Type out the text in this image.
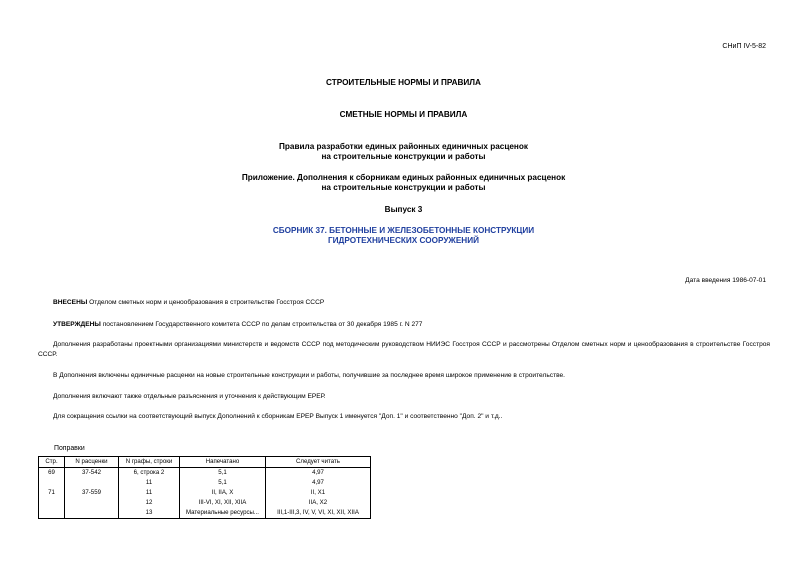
СНиП IV-5-82
СТРОИТЕЛЬНЫЕ НОРМЫ И ПРАВИЛА
СМЕТНЫЕ НОРМЫ И ПРАВИЛА
Правила разработки единых районных единичных расценок
на строительные конструкции и работы
Приложение. Дополнения к сборникам единых районных единичных расценок
на строительные конструкции и работы
Выпуск 3
СБОРНИК 37. БЕТОННЫЕ И ЖЕЛЕЗОБЕТОННЫЕ КОНСТРУКЦИИ
ГИДРОТЕХНИЧЕСКИХ СООРУЖЕНИЙ
Дата введения 1986-07-01
ВНЕСЕНЫ Отделом сметных норм и ценообразования в строительстве Госстроя СССР
УТВЕРЖДЕНЫ постановлением Государственного комитета СССР по делам строительства от 30 декабря 1985 г. N 277
Дополнения разработаны проектными организациями министерств и ведомств СССР под методическим руководством НИИЭС Госстроя СССР и рассмотрены Отделом сметных норм и ценообразования в строительстве Госстроя СССР.
В Дополнения включены единичные расценки на новые строительные конструкции и работы, получившие за последнее время широкое применение в строительстве.
Дополнения включают также отдельные разъяснения и уточнения к действующим ЕРЕР.
Для сокращения ссылки на соответствующий выпуск Дополнений к сборникам ЕРЕР Выпуск 1 именуется "Доп. 1" и соответственно "Доп. 2" и т.д..
Поправки
Стр.	N расценки	N графы, строки	Напечатано	Следует читать
69	37-542	6, строка 2	5,1	4,97
		11	5,1	4,97
71	37-559	11	II, IIA, X	II, X1
		12	III-VI, XI, XII, XIIA	IIA, X2
		13	Материальные ресурсы...	III,1-III,3, IV, V, VI, XI, XII, XIIA
